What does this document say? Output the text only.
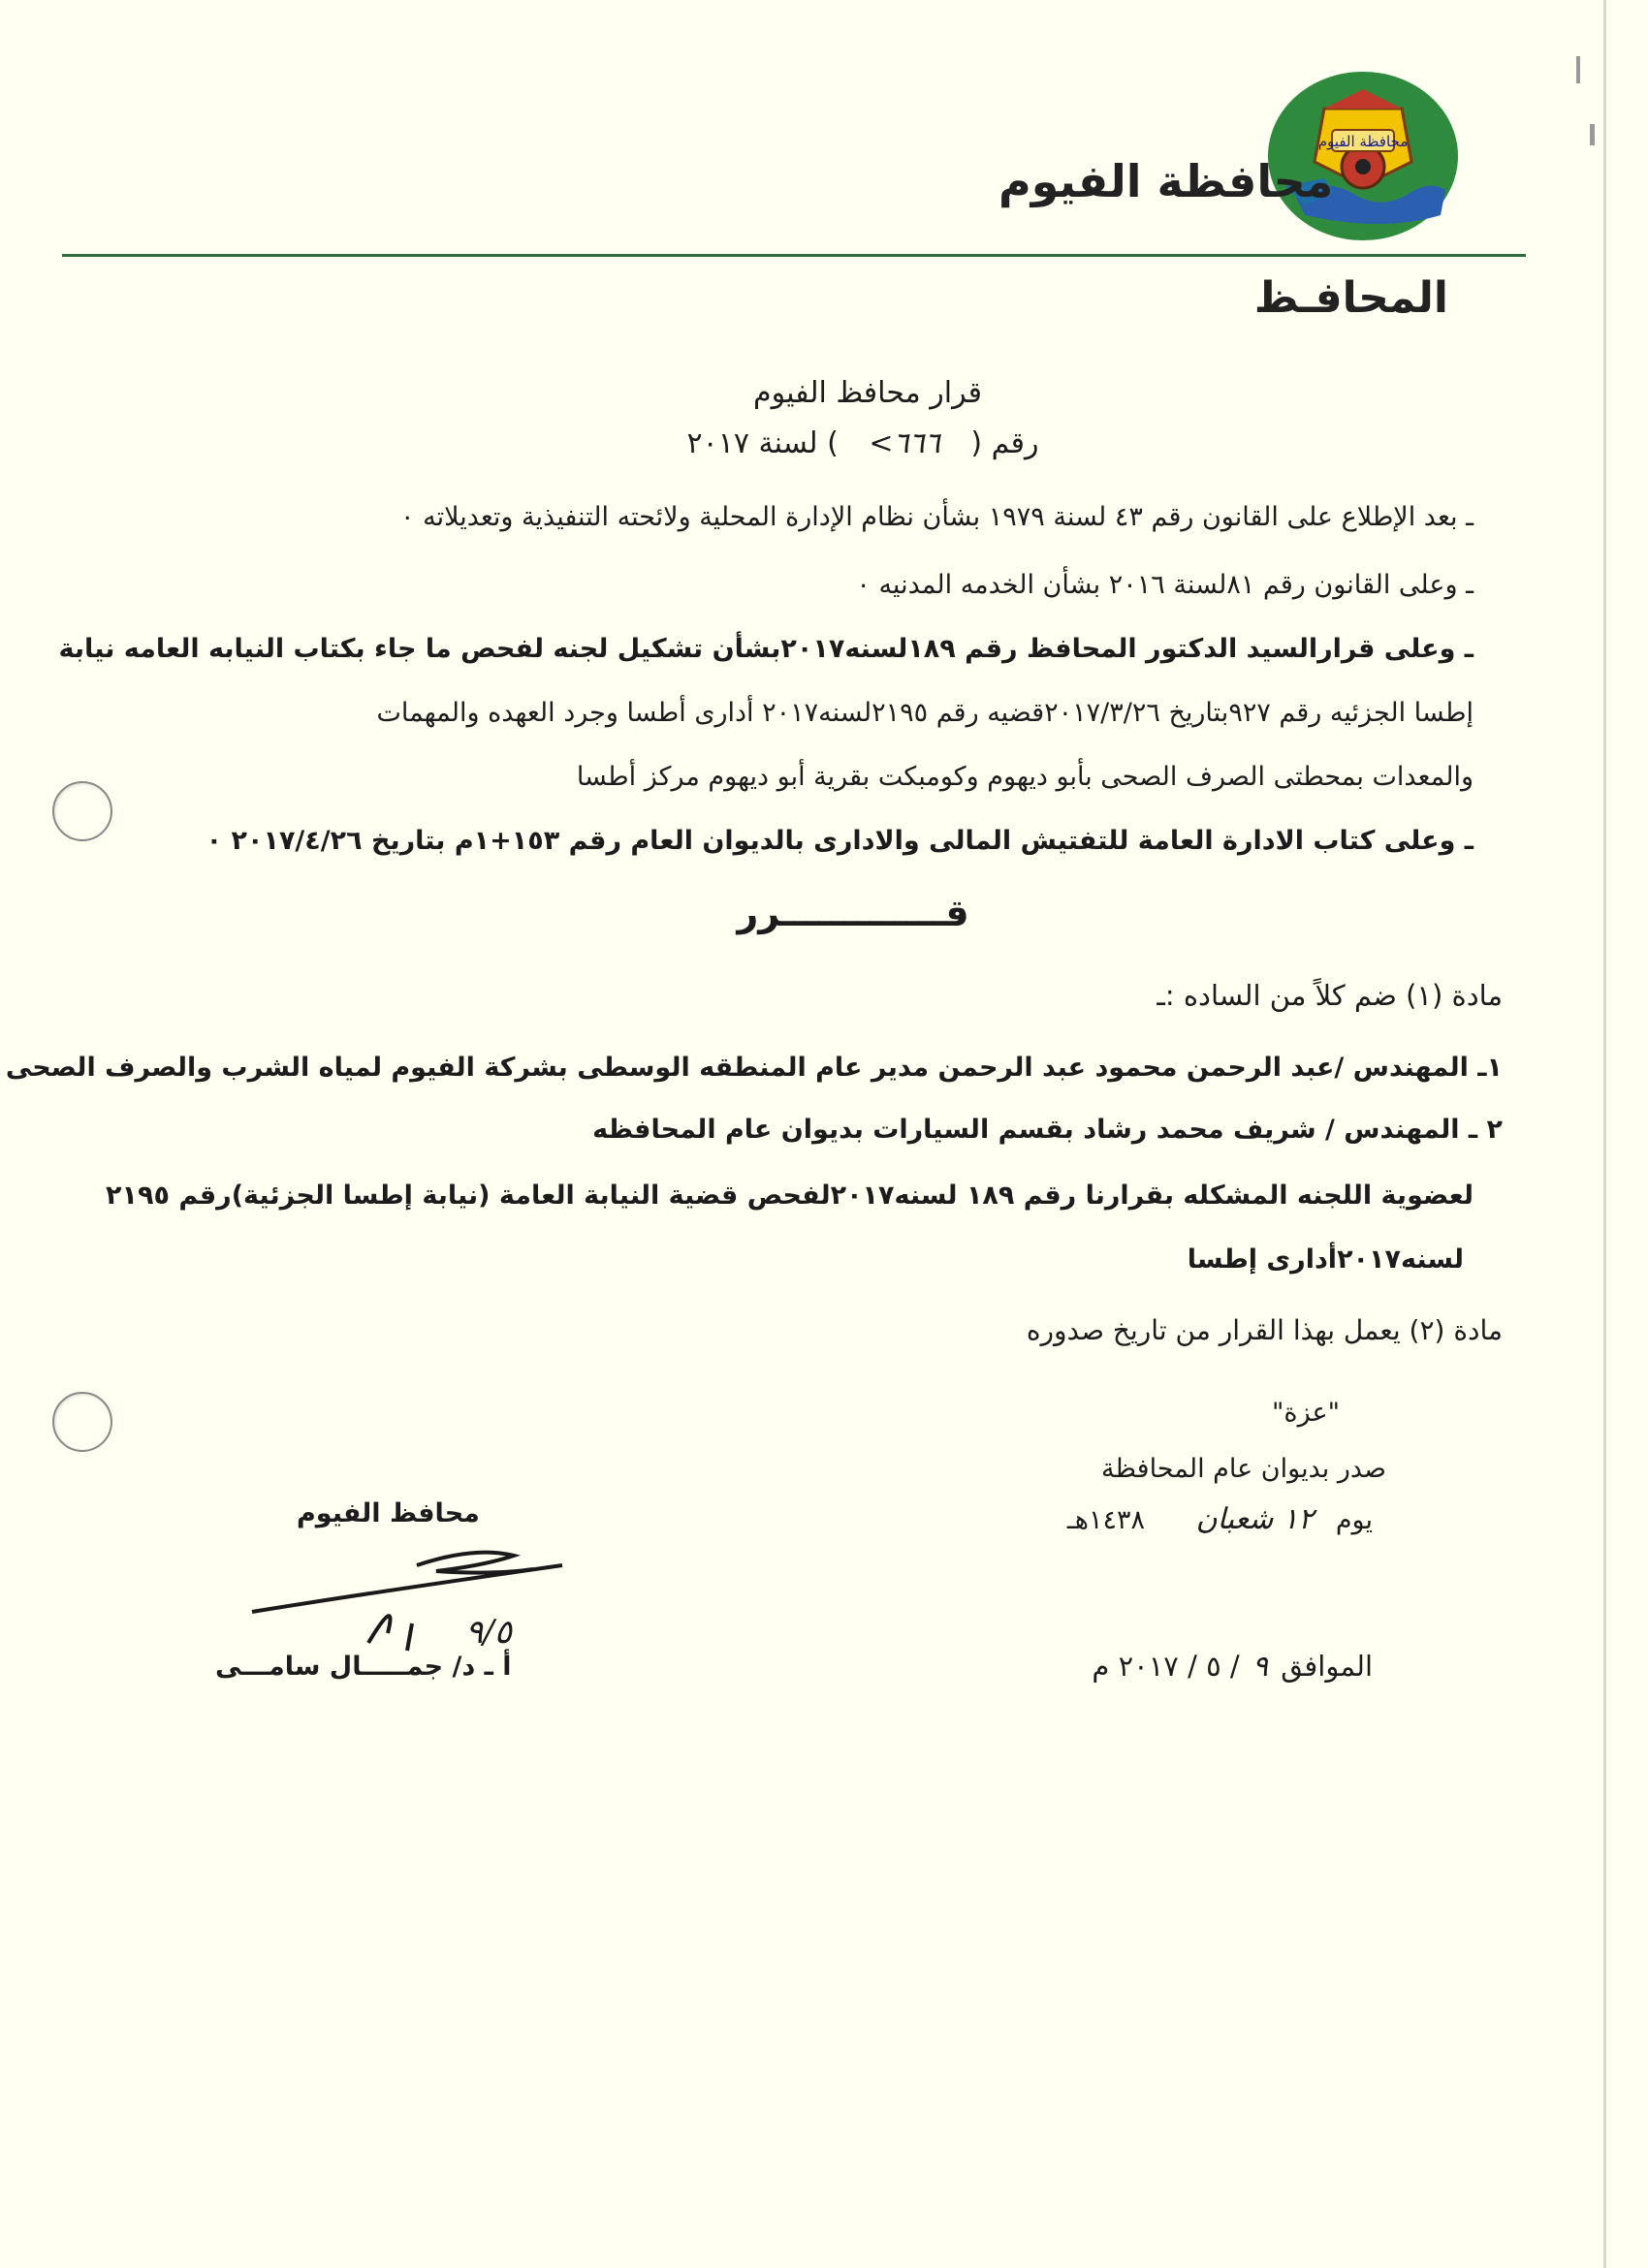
محافظة الفيوم
محافظة الفيوم
المحافـظ
قرار محافظ الفيوم
رقم ( ٦٦٦> ) لسنة ٢٠١٧
ـ بعد الإطلاع على القانون رقم ٤٣ لسنة ١٩٧٩ بشأن نظام الإدارة المحلية ولائحته التنفيذية وتعديلاته ٠
ـ وعلى القانون رقم ٨١لسنة ٢٠١٦ بشأن الخدمه المدنيه ٠
ـ وعلى قرارالسيد الدكتور المحافظ رقم ١٨٩لسنه٢٠١٧بشأن تشكيل لجنه لفحص ما جاء بكتاب النيابه العامه نيابة
إطسا الجزئيه رقم ٩٢٧بتاريخ ٢٠١٧/٣/٢٦قضيه رقم ٢١٩٥لسنه٢٠١٧ أدارى أطسا وجرد العهده والمهمات
والمعدات بمحطتى الصرف الصحى بأبو ديهوم وكومبكت بقرية أبو ديهوم مركز أطسا
ـ وعلى كتاب الادارة العامة للتفتيش المالى والادارى بالديوان العام رقم ١٥٣+١م بتاريخ ٢٠١٧/٤/٢٦ ٠
قـــــــــــــرر
مادة (١) ضم كلاً من الساده :ـ
١ـ المهندس /عبد الرحمن محمود عبد الرحمن مدير عام المنطقه الوسطى بشركة الفيوم لمياه الشرب والصرف الصحى
٢ ـ المهندس / شريف محمد رشاد بقسم السيارات بديوان عام المحافظه
لعضوية اللجنه المشكله بقرارنا رقم ١٨٩ لسنه٢٠١٧لفحص قضية النيابة العامة (نيابة إطسا الجزئية)رقم ٢١٩٥
لسنه٢٠١٧أدارى إطسا
مادة (٢) يعمل بهذا القرار من تاريخ صدوره
"عزة"
صدر بديوان عام المحافظة
يوم ١٢ شعبان ١٤٣٨هـ
الموافق ٩ / ٥ / ٢٠١٧ م
محافظ الفيوم
٩/٥
أ ـ د/ جمـــــال سامـــى
